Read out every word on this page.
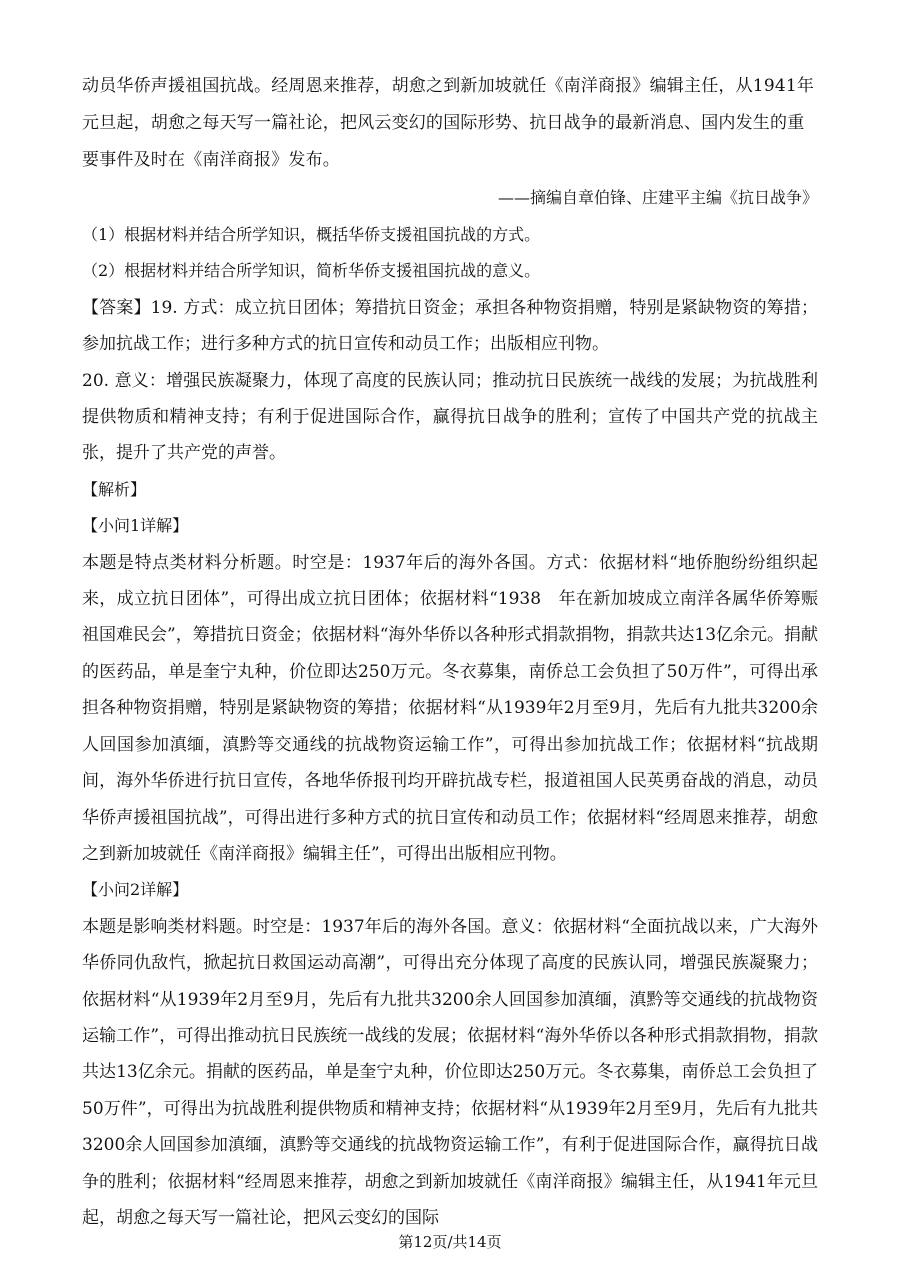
动员华侨声援祖国抗战。经周恩来推荐，胡愈之到新加坡就任《南洋商报》编辑主任，从1941年元旦起，胡愈之每天写一篇社论，把风云变幻的国际形势、抗日战争的最新消息、国内发生的重要事件及时在《南洋商报》发布。

——摘编自章伯锋、庄建平主编《抗日战争》

（1）根据材料并结合所学知识，概括华侨支援祖国抗战的方式。

（2）根据材料并结合所学知识，简析华侨支援祖国抗战的意义。

【答案】19. 方式：成立抗日团体；筹措抗日资金；承担各种物资捐赠，特别是紧缺物资的筹措；参加抗战工作；进行多种方式的抗日宣传和动员工作；出版相应刊物。

20. 意义：增强民族凝聚力，体现了高度的民族认同；推动抗日民族统一战线的发展；为抗战胜利提供物质和精神支持；有利于促进国际合作，赢得抗日战争的胜利；宣传了中国共产党的抗战主张，提升了共产党的声誉。

【解析】

【小问1详解】

本题是特点类材料分析题。时空是：1937年后的海外各国。方式：依据材料“地侨胞纷纷组织起来，成立抗日团体”，可得出成立抗日团体；依据材料“1938　年在新加坡成立南洋各属华侨筹赈祖国难民会”，筹措抗日资金；依据材料“海外华侨以各种形式捐款捐物，捐款共达13亿余元。捐献的医药品，单是奎宁丸种，价位即达250万元。冬衣募集，南侨总工会负担了50万件”，可得出承担各种物资捐赠，特别是紧缺物资的筹措；依据材料“从1939年2月至9月，先后有九批共3200余人回国参加滇缅，滇黔等交通线的抗战物资运输工作”，可得出参加抗战工作；依据材料“抗战期间，海外华侨进行抗日宣传，各地华侨报刊均开辟抗战专栏，报道祖国人民英勇奋战的消息，动员华侨声援祖国抗战”，可得出进行多种方式的抗日宣传和动员工作；依据材料“经周恩来推荐，胡愈之到新加坡就任《南洋商报》编辑主任”，可得出出版相应刊物。

【小问2详解】

本题是影响类材料题。时空是：1937年后的海外各国。意义：依据材料“全面抗战以来，广大海外华侨同仇敌忾，掀起抗日救国运动高潮”，可得出充分体现了高度的民族认同，增强民族凝聚力；依据材料“从1939年2月至9月，先后有九批共3200余人回国参加滇缅，滇黔等交通线的抗战物资运输工作”，可得出推动抗日民族统一战线的发展；依据材料“海外华侨以各种形式捐款捐物，捐款共达13亿余元。捐献的医药品，单是奎宁丸种，价位即达250万元。冬衣募集，南侨总工会负担了50万件”，可得出为抗战胜利提供物质和精神支持；依据材料“从1939年2月至9月，先后有九批共3200余人回国参加滇缅，滇黔等交通线的抗战物资运输工作”，有利于促进国际合作，赢得抗日战争的胜利；依据材料“经周恩来推荐，胡愈之到新加坡就任《南洋商报》编辑主任，从1941年元旦起，胡愈之每天写一篇社论，把风云变幻的国际

第12页/共14页
